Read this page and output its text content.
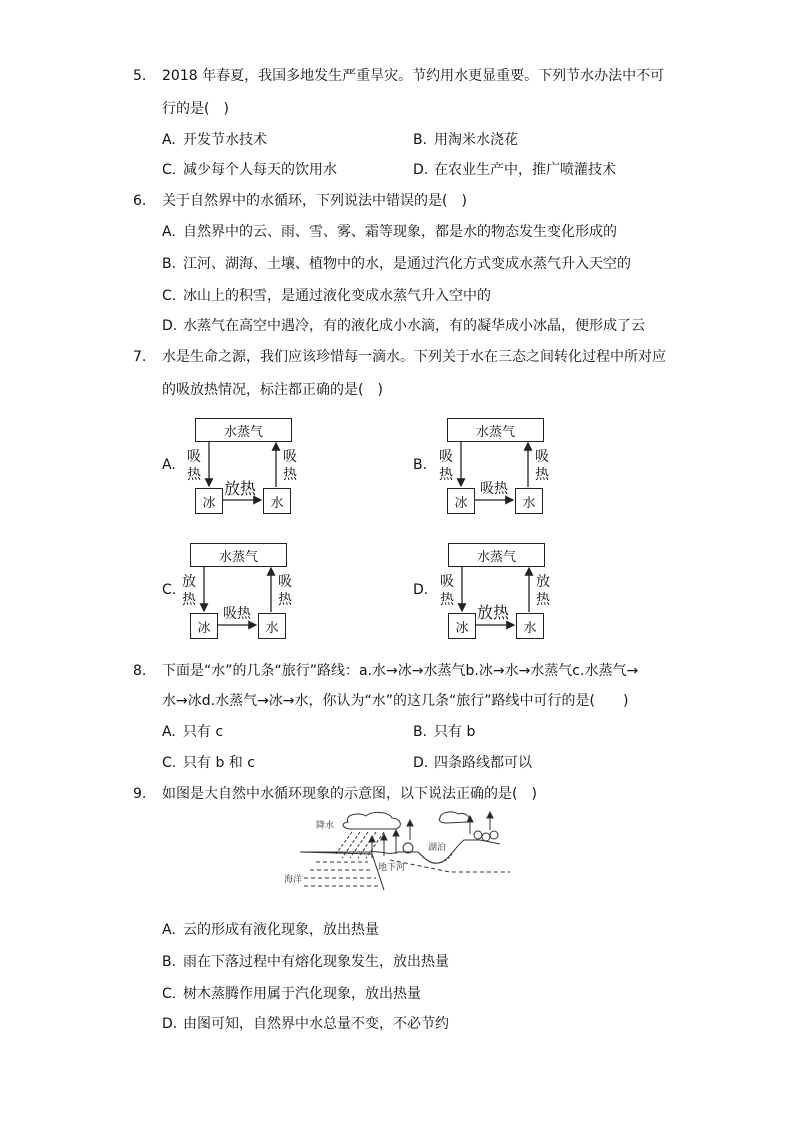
5. 2018 年春夏，我国多地发生严重旱灾。节约用水更显重要。下列节水办法中不可
行的是(　)
A. 开发节水技术	B. 用淘米水浇花
C. 减少每个人每天的饮用水	D. 在农业生产中，推广喷灌技术
6. 关于自然界中的水循环，下列说法中错误的是(　)
A. 自然界中的云、雨、雪、雾、霜等现象，都是水的物态发生变化形成的
B. 江河、湖海、土壤、植物中的水，是通过汽化方式变成水蒸气升入天空的
C. 冰山上的积雪，是通过液化变成水蒸气升入空中的
D. 水蒸气在高空中遇冷，有的液化成小水滴，有的凝华成小冰晶，便形成了云
7. 水是生命之源，我们应该珍惜每一滴水。下列关于水在三态之间转化过程中所对应
的吸放热情况，标注都正确的是(　)
A.
水蒸气
冰	水
吸热
吸热
放热
B.
水蒸气
冰	水
吸热
吸热
吸热
C.
水蒸气
冰	水
放热
吸热
吸热
D.
水蒸气
冰	水
吸热
放热
放热
8. 下面是“水”的几条“旅行”路线：a.水→冰→水蒸气b.冰→水→水蒸气c.水蒸气→
水→冰d.水蒸气→冰→水，你认为“水”的这几条“旅行”路线中可行的是(　　)
A. 只有 c	B. 只有 b
C. 只有 b 和 c	D. 四条路线都可以
9. 如图是大自然中水循环现象的示意图，以下说法正确的是(　)
降水
湖泊
地下河
海洋
A. 云的形成有液化现象，放出热量
B. 雨在下落过程中有熔化现象发生，放出热量
C. 树木蒸腾作用属于汽化现象，放出热量
D. 由图可知，自然界中水总量不变，不必节约
